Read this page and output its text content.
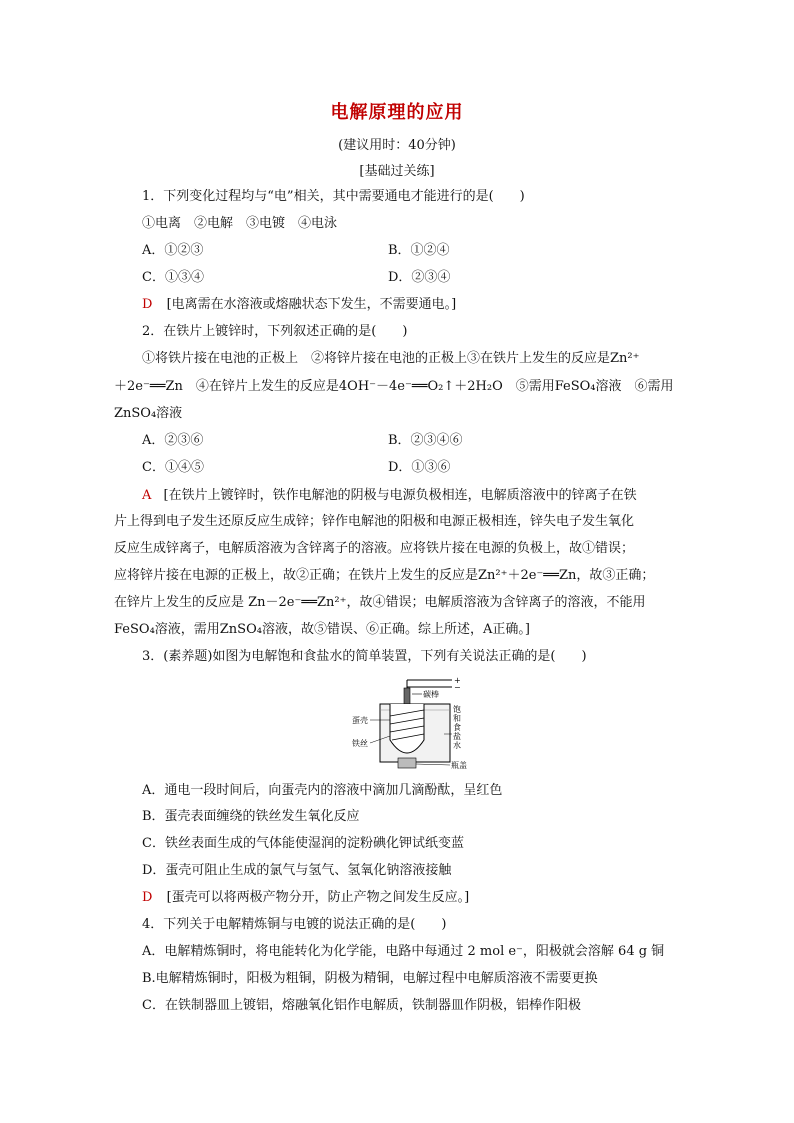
电解原理的应用
(建议用时：40分钟)
[基础过关练]
1．下列变化过程均与“电”相关，其中需要通电才能进行的是(　　)
①电离　②电解　③电镀　④电泳
A．①②③	B．①②④
C．①③④	D．②③④
D [电离需在水溶液或熔融状态下发生，不需要通电。]
2．在铁片上镀锌时，下列叙述正确的是(　　)
①将铁片接在电池的正极上　②将锌片接在电池的正极上③在铁片上发生的反应是Zn²⁺
＋2e⁻══Zn　④在锌片上发生的反应是4OH⁻－4e⁻══O₂↑＋2H₂O　⑤需用FeSO₄溶液　⑥需用
ZnSO₄溶液
A．②③⑥	B．②③④⑥
C．①④⑤	D．①③⑥
A [在铁片上镀锌时，铁作电解池的阴极与电源负极相连，电解质溶液中的锌离子在铁
片上得到电子发生还原反应生成锌；锌作电解池的阳极和电源正极相连，锌失电子发生氧化
反应生成锌离子，电解质溶液为含锌离子的溶液。应将铁片接在电源的负极上，故①错误；
应将锌片接在电源的正极上，故②正确；在铁片上发生的反应是Zn²⁺＋2e⁻══Zn，故③正确；
在锌片上发生的反应是 Zn－2e⁻══Zn²⁺，故④错误；电解质溶液为含锌离子的溶液，不能用
FeSO₄溶液，需用ZnSO₄溶液，故⑤错误、⑥正确。综上所述，A正确。]
3．(素养题)如图为电解饱和食盐水的简单装置，下列有关说法正确的是(　　)
+
−
碳棒
蛋壳
铁丝
饱
和
食
盐
水
瓶盖
A．通电一段时间后，向蛋壳内的溶液中滴加几滴酚酞，呈红色
B．蛋壳表面缠绕的铁丝发生氧化反应
C．铁丝表面生成的气体能使湿润的淀粉碘化钾试纸变蓝
D．蛋壳可阻止生成的氯气与氢气、氢氧化钠溶液接触
D [蛋壳可以将两极产物分开，防止产物之间发生反应。]
4．下列关于电解精炼铜与电镀的说法正确的是(　　)
A．电解精炼铜时，将电能转化为化学能，电路中每通过 2 mol e⁻，阳极就会溶解 64 g 铜
B.电解精炼铜时，阳极为粗铜，阴极为精铜，电解过程中电解质溶液不需要更换
C．在铁制器皿上镀铝，熔融氧化铝作电解质，铁制器皿作阴极，铝棒作阳极
